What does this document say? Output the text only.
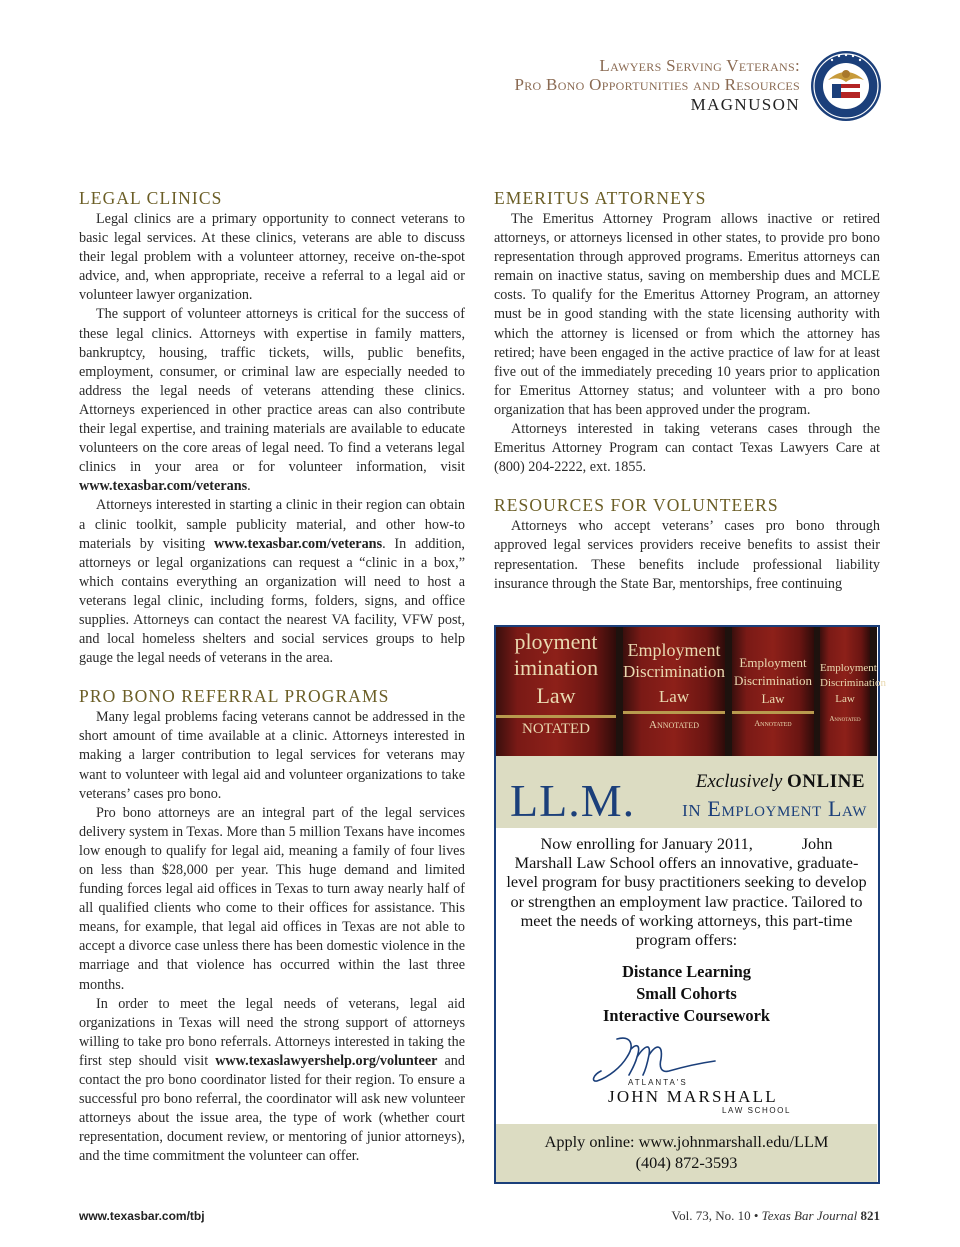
Lawyers Serving Veterans:
Pro Bono Opportunities and Resources
MAGNUSON
LEGAL CLINICS

Legal clinics are a primary opportunity to connect veterans to basic legal services. At these clinics, veterans are able to discuss their legal problem with a volunteer attorney, receive on-the-spot advice, and, when appropriate, receive a referral to a legal aid or volunteer lawyer organization.

The support of volunteer attorneys is critical for the success of these legal clinics. Attorneys with expertise in family matters, bankruptcy, housing, traffic tickets, wills, public benefits, employment, consumer, or criminal law are especially needed to address the legal needs of veterans attending these clinics. Attorneys experienced in other practice areas can also contribute their legal expertise, and training materials are available to educate volunteers on the core areas of legal need. To find a veterans legal clinics in your area or for volunteer information, visit www.texasbar.com/veterans.

Attorneys interested in starting a clinic in their region can obtain a clinic toolkit, sample publicity material, and other how-to materials by visiting www.texasbar.com/veterans. In addition, attorneys or legal organizations can request a “clinic in a box,” which contains everything an organization will need to host a veterans legal clinic, including forms, folders, signs, and office supplies. Attorneys can contact the nearest VA facility, VFW post, and local homeless shelters and social services groups to help gauge the legal needs of veterans in the area.

PRO BONO REFERRAL PROGRAMS

Many legal problems facing veterans cannot be addressed in the short amount of time available at a clinic. Attorneys interested in making a larger contribution to legal services for veterans may want to volunteer with legal aid and volunteer organizations to take veterans’ cases pro bono.

Pro bono attorneys are an integral part of the legal services delivery system in Texas. More than 5 million Texans have incomes low enough to qualify for legal aid, meaning a family of four lives on less than $28,000 per year. This huge demand and limited funding forces legal aid offices in Texas to turn away nearly half of all qualified clients who come to their offices for assistance. This means, for example, that legal aid offices in Texas are not able to accept a divorce case unless there has been domestic violence in the marriage and that violence has occurred within the last three months.

In order to meet the legal needs of veterans, legal aid organizations in Texas will need the strong support of attorneys willing to take pro bono referrals. Attorneys interested in taking the first step should visit www.texaslawyershelp.org/volunteer and contact the pro bono coordinator listed for their region. To ensure a successful pro bono referral, the coordinator will ask new volunteer attorneys about the issue area, the type of work (whether court representation, document review, or mentoring of junior attorneys), and the time commitment the volunteer can offer.

EMERITUS ATTORNEYS

The Emeritus Attorney Program allows inactive or retired attorneys, or attorneys licensed in other states, to provide pro bono representation through approved programs. Emeritus attorneys can remain on inactive status, saving on membership dues and MCLE costs. To qualify for the Emeritus Attorney Program, an attorney must be in good standing with the state licensing authority with which the attorney is licensed or from which the attorney has retired; have been engaged in the active practice of law for at least five out of the immediately preceding 10 years prior to application for Emeritus Attorney status; and volunteer with a pro bono organization that has been approved under the program.

Attorneys interested in taking veterans cases through the Emeritus Attorney Program can contact Texas Lawyers Care at (800) 204-2222, ext. 1855.

RESOURCES FOR VOLUNTEERS

Attorneys who accept veterans’ cases pro bono through approved legal services providers receive benefits to assist their representation. These benefits include professional liability insurance through the State Bar, mentorships, free continuing

ployment
imination
Law
NOTATED
Employment
Discrimination
Law
Annotated
Employment
Discrimination
Law
Annotated
Employment
Discrimination
Law
Annotated
LL.M.	Exclusively ONLINE
IN Employment Law
Now enrolling for January 2011,            John
Marshall Law School offers an innovative, graduate-level program for busy practitioners seeking to develop or strengthen an employment law practice. Tailored to meet the needs of working attorneys, this part-time program offers:
Distance Learning
Small Cohorts
Interactive Coursework
ATLANTA'S
JOHN MARSHALL
LAW SCHOOL
Apply online: www.johnmarshall.edu/LLM
(404) 872-3593
www.texasbar.com/tbj	Vol. 73, No. 10 • Texas Bar Journal 821
